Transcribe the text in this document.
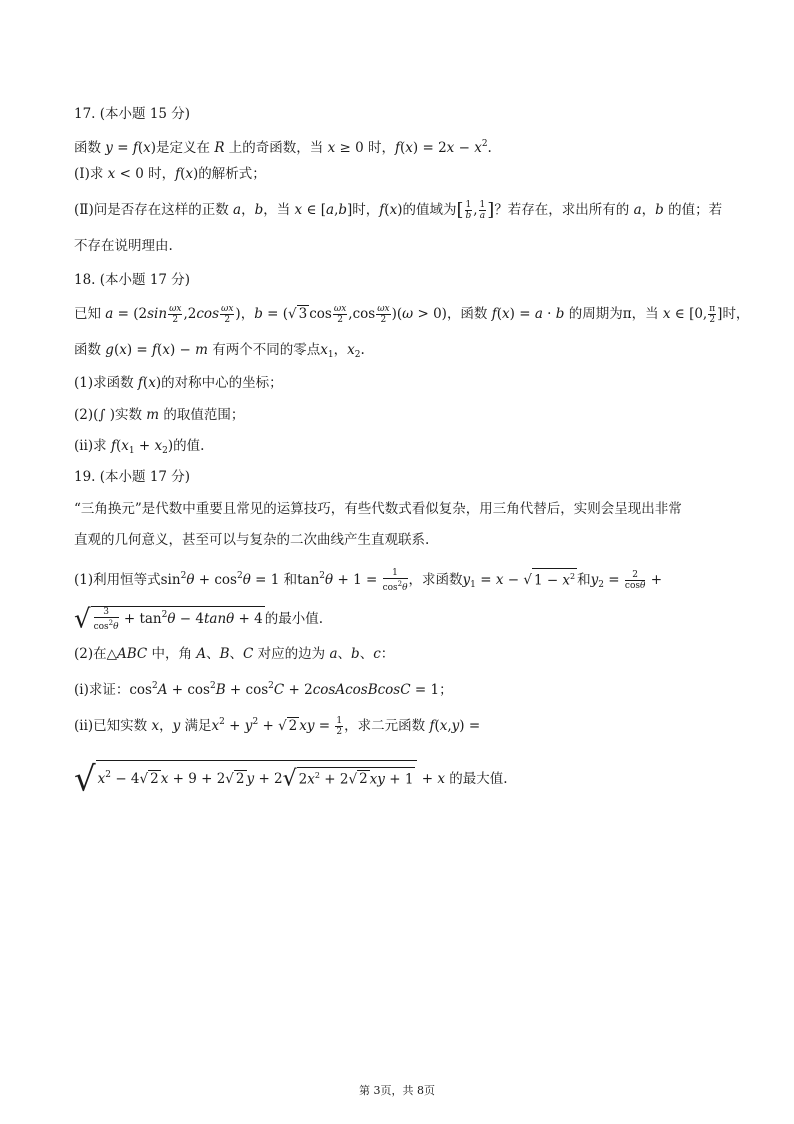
17. (本小题 15 分)
函数 y = f(x)是定义在 R 上的奇函数，当 x ≥ 0 时，$f(x) = 2x - x^2$.
(Ⅰ)求 x < 0 时，f(x)的解析式；
(Ⅱ)问是否存在这样的正数 a，b，当 x ∈ [a,b]时，f(x)的值域为[ $\frac{1}{b}$ , $\frac{1}{a}$ ]？若存在，求出所有的 a，b 的值；若
不存在说明理由.
18. (本小题 17 分)
已知 $a = (2\sin \frac{\omega x}{2} ,2\cos \frac{\omega x}{2}$ )，b = (√ 3 $\cos \frac{\omega x}{2} ,\cos \frac{\omega x}{2} )(\omega > 0)$，函数 f(x) = a · b 的周期为π，当 x ∈ [0, $\frac{\pi}{2}$ ]时，
函数 g(x) = f(x) − m 有两个不同的零点$x_1$，$x_2$.
(1)求函数 f(x)的对称中心的坐标；
(2)(∫ )实数 m 的取值范围；
(ⅱ)求 $f(x_1 + x_2)$的值.
19. (本小题 17 分)
“三角换元”是代数中重要且常见的运算技巧，有些代数式看似复杂，用三角代替后，实则会呈现出非常
直观的几何意义，甚至可以与复杂的二次曲线产生直观联系.
(1)利用恒等式$\sin^2\theta + \cos^2\theta = 1$ 和$\tan^2\theta + 1 = \frac{1}{\cos^2\theta}$ ，求函数$y_1 = x$ − √ $1 - x^2$ 和$y_2 = \frac{2}{\cos\theta}$ +
√ $\frac{3}{\cos^2\theta} + \tan^2\theta - 4\tan\theta + 4$ 的最小值.
(2)在△ABC 中，角 A、B、C 对应的边为 a、b、c：
(i)求证：$\cos^2A + \cos^2B + \cos^2C$ + 2cosAcosBcosC = 1；
(ii)已知实数 x，y 满足$x^2 + y^2$ + √ 2 xy = $\frac{1}{2}$ ，求二元函数 f(x,y) =
√ $x^2 - 4√$ 2 x + 9 + 2√ 2 y + 2√ $2x^2 + 2√$ 2 xy + 1 + x 的最大值.
第 3页，共 8页
